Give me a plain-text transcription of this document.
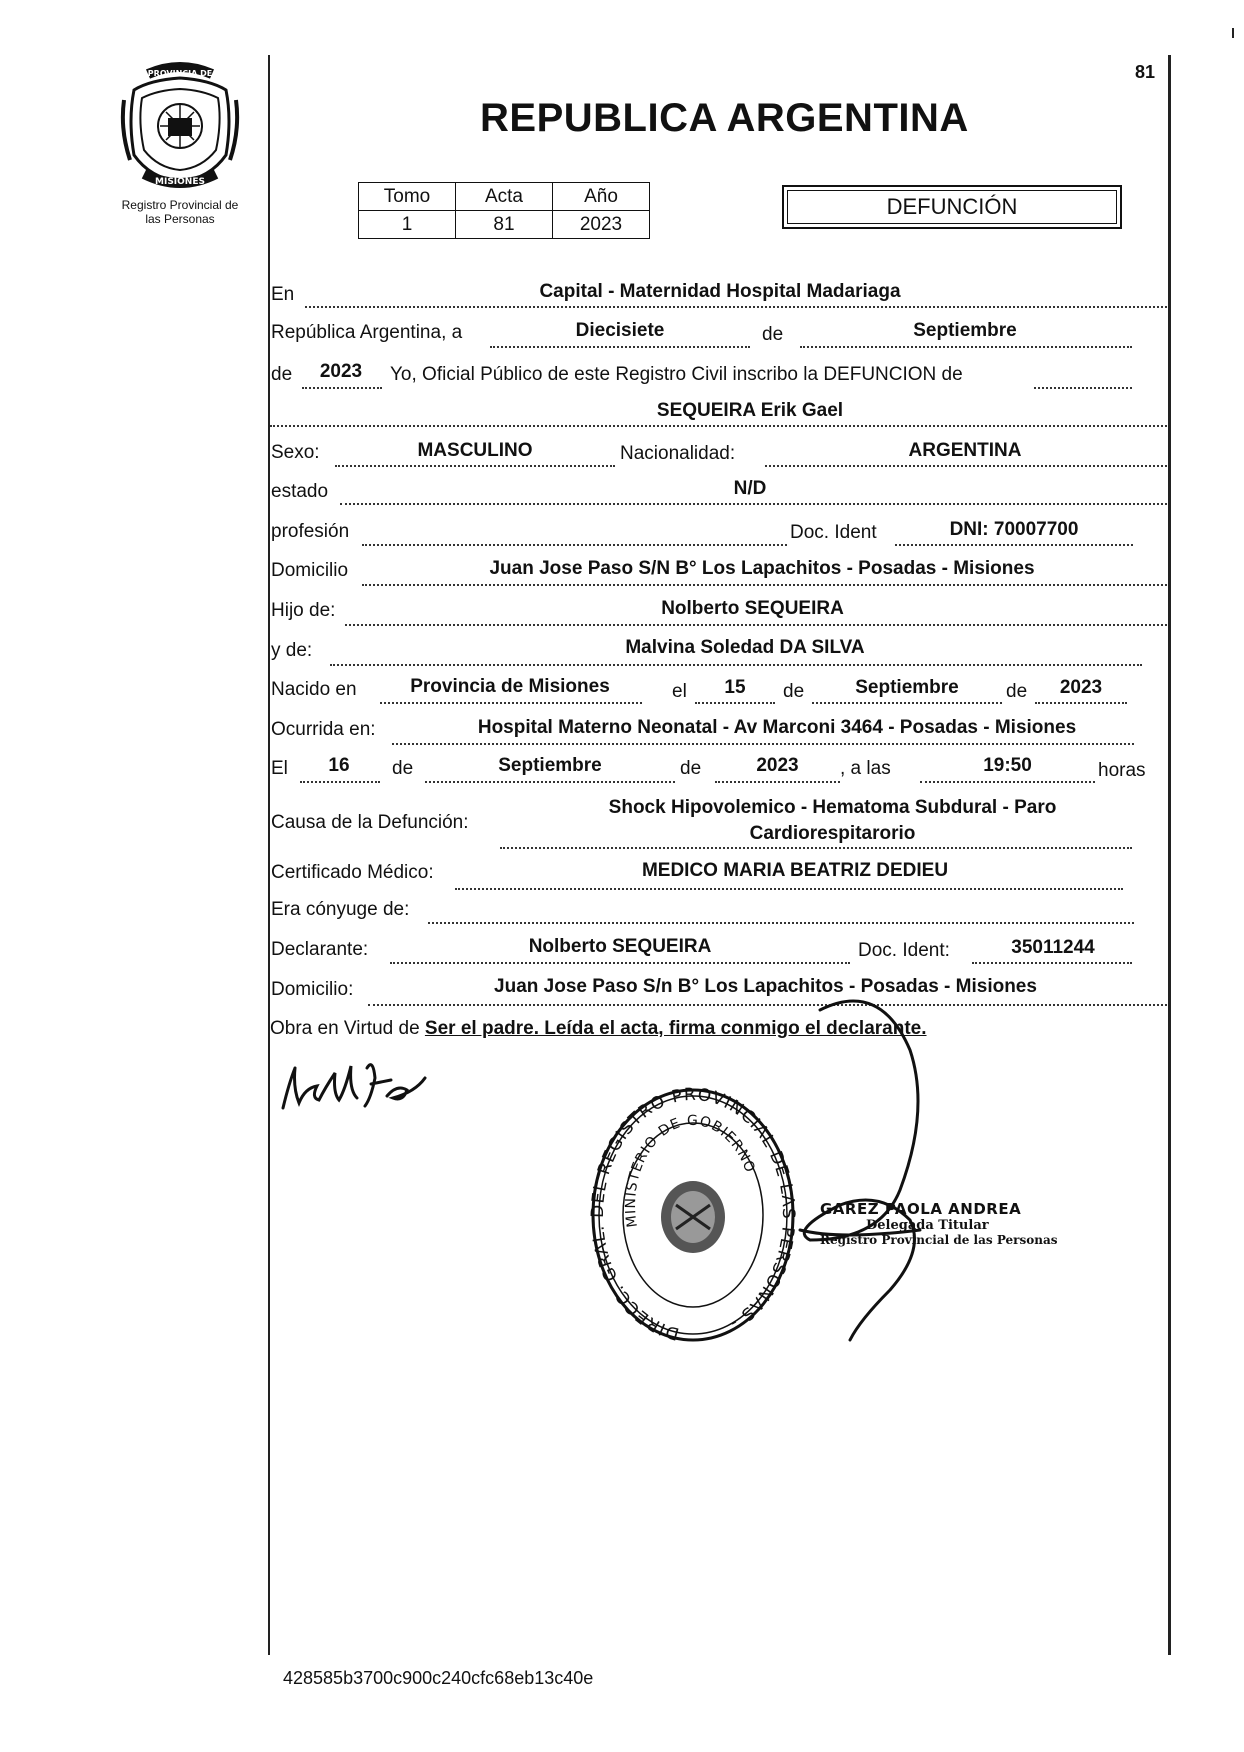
PROVINCIA DE
MISIONES
Registro Provincial de
las Personas
81
REPUBLICA ARGENTINA
Tomo	Acta	Año
1	81	2023
DEFUNCIÓN
En	Capital - Maternidad Hospital Madariaga
República Argentina, a	Diecisiete	de	Septiembre
de	2023	Yo, Oficial Público de este Registro Civil inscribo la DEFUNCION de
SEQUEIRA Erik Gael
Sexo:	MASCULINO	Nacionalidad:	ARGENTINA
estado	N/D
profesión	Doc. Ident	DNI: 70007700
Domicilio	Juan Jose Paso S/N B° Los Lapachitos - Posadas - Misiones
Hijo de:	Nolberto SEQUEIRA
y de:	Malvina Soledad DA SILVA
Nacido en	Provincia de Misiones	el	15	de	Septiembre	de	2023
Ocurrida en:	Hospital Materno Neonatal - Av Marconi 3464 - Posadas - Misiones
El	16	de	Septiembre	de	2023	, a las	19:50	horas
Causa de la Defunción:
Shock Hipovolemico - Hematoma Subdural - Paro
Cardiorespitarorio
Certificado Médico:	MEDICO MARIA BEATRIZ DEDIEU
Era cónyuge de:
Declarante:	Nolberto SEQUEIRA	Doc. Ident:	35011244
Domicilio:	Juan Jose Paso S/n B° Los Lapachitos - Posadas - Misiones
Obra en Virtud de Ser el padre. Leída el acta, firma conmigo el declarante.
DIRECC. GRAL. DEL REGISTRO PROVINCIAL DE LAS PERSONAS -
MINISTERIO DE GOBIERNO
GAREZ PAOLA ANDREA
Delegada Titular
Registro Provincial de las Personas
428585b3700c900c240cfc68eb13c40e
